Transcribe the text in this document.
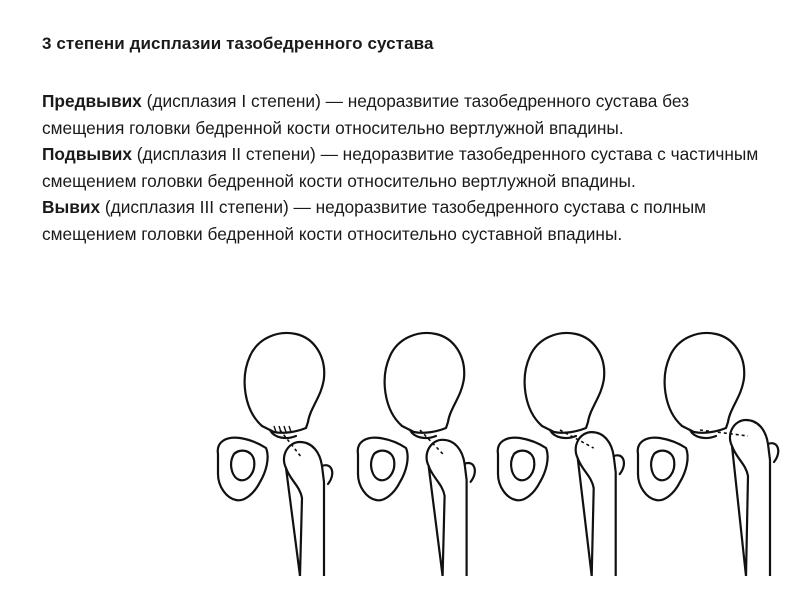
3 степени дисплазии тазобедренного сустава

Предвывих (дисплазия I степени) — недоразвитие тазобедренного сустава без смещения головки бедренной кости относительно вертлужной впадины.

Подвывих (дисплазия II степени) — недоразвитие тазобедренного сустава с частичным смещением головки бедренной кости относительно вертлужной впадины.

Вывих (дисплазия III степени) — недоразвитие тазобедренного сустава с полным смещением головки бедренной кости относительно суставной впадины.
